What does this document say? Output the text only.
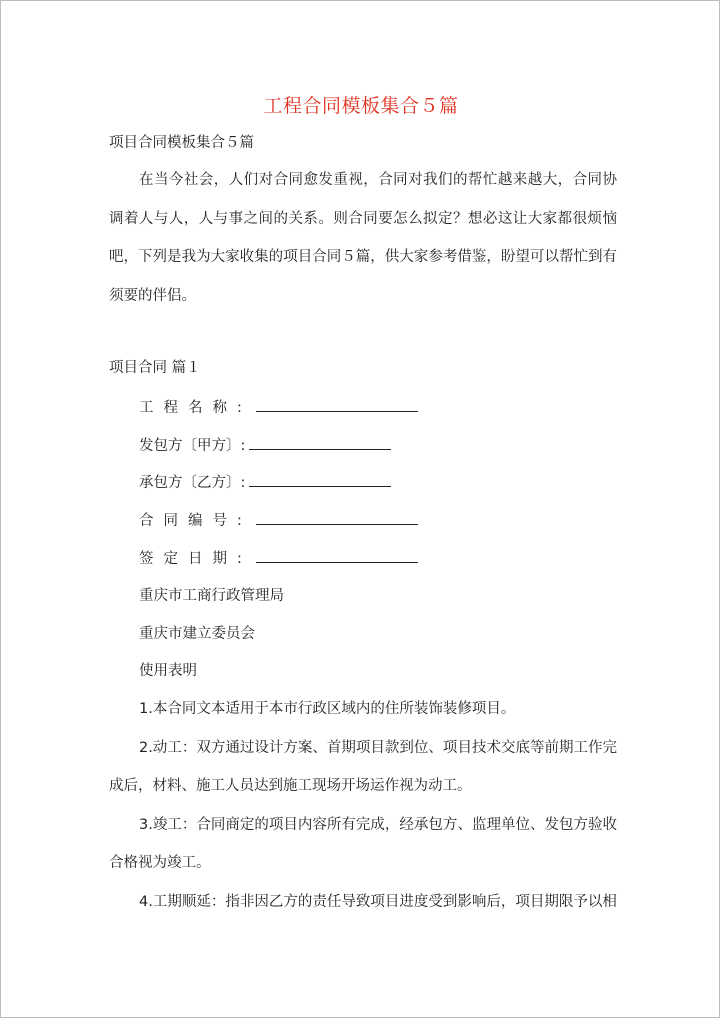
工程合同模板集合５篇
项目合同模板集合５篇

在当今社会，人们对合同愈发重视，合同对我们的帮忙越来越大，合同协调着人与人，人与事之间的关系。则合同要怎么拟定？想必这让大家都很烦恼吧，下列是我为大家收集的项目合同５篇，供大家参考借鉴，盼望可以帮忙到有须要的伴侣。

项目合同 篇１
工程名称:
发包方〔甲方〕:
承包方〔乙方〕:
合同编号:
签定日期:
重庆市工商行政管理局
重庆市建立委员会
使用表明

1.本合同文本适用于本市行政区域内的住所装饰装修项目。

2.动工：双方通过设计方案、首期项目款到位、项目技术交底等前期工作完成后，材料、施工人员达到施工现场开场运作视为动工。

3.竣工：合同商定的项目内容所有完成，经承包方、监理单位、发包方验收合格视为竣工。

4.工期顺延：指非因乙方的责任导致项目进度受到影响后，项目期限予以相
